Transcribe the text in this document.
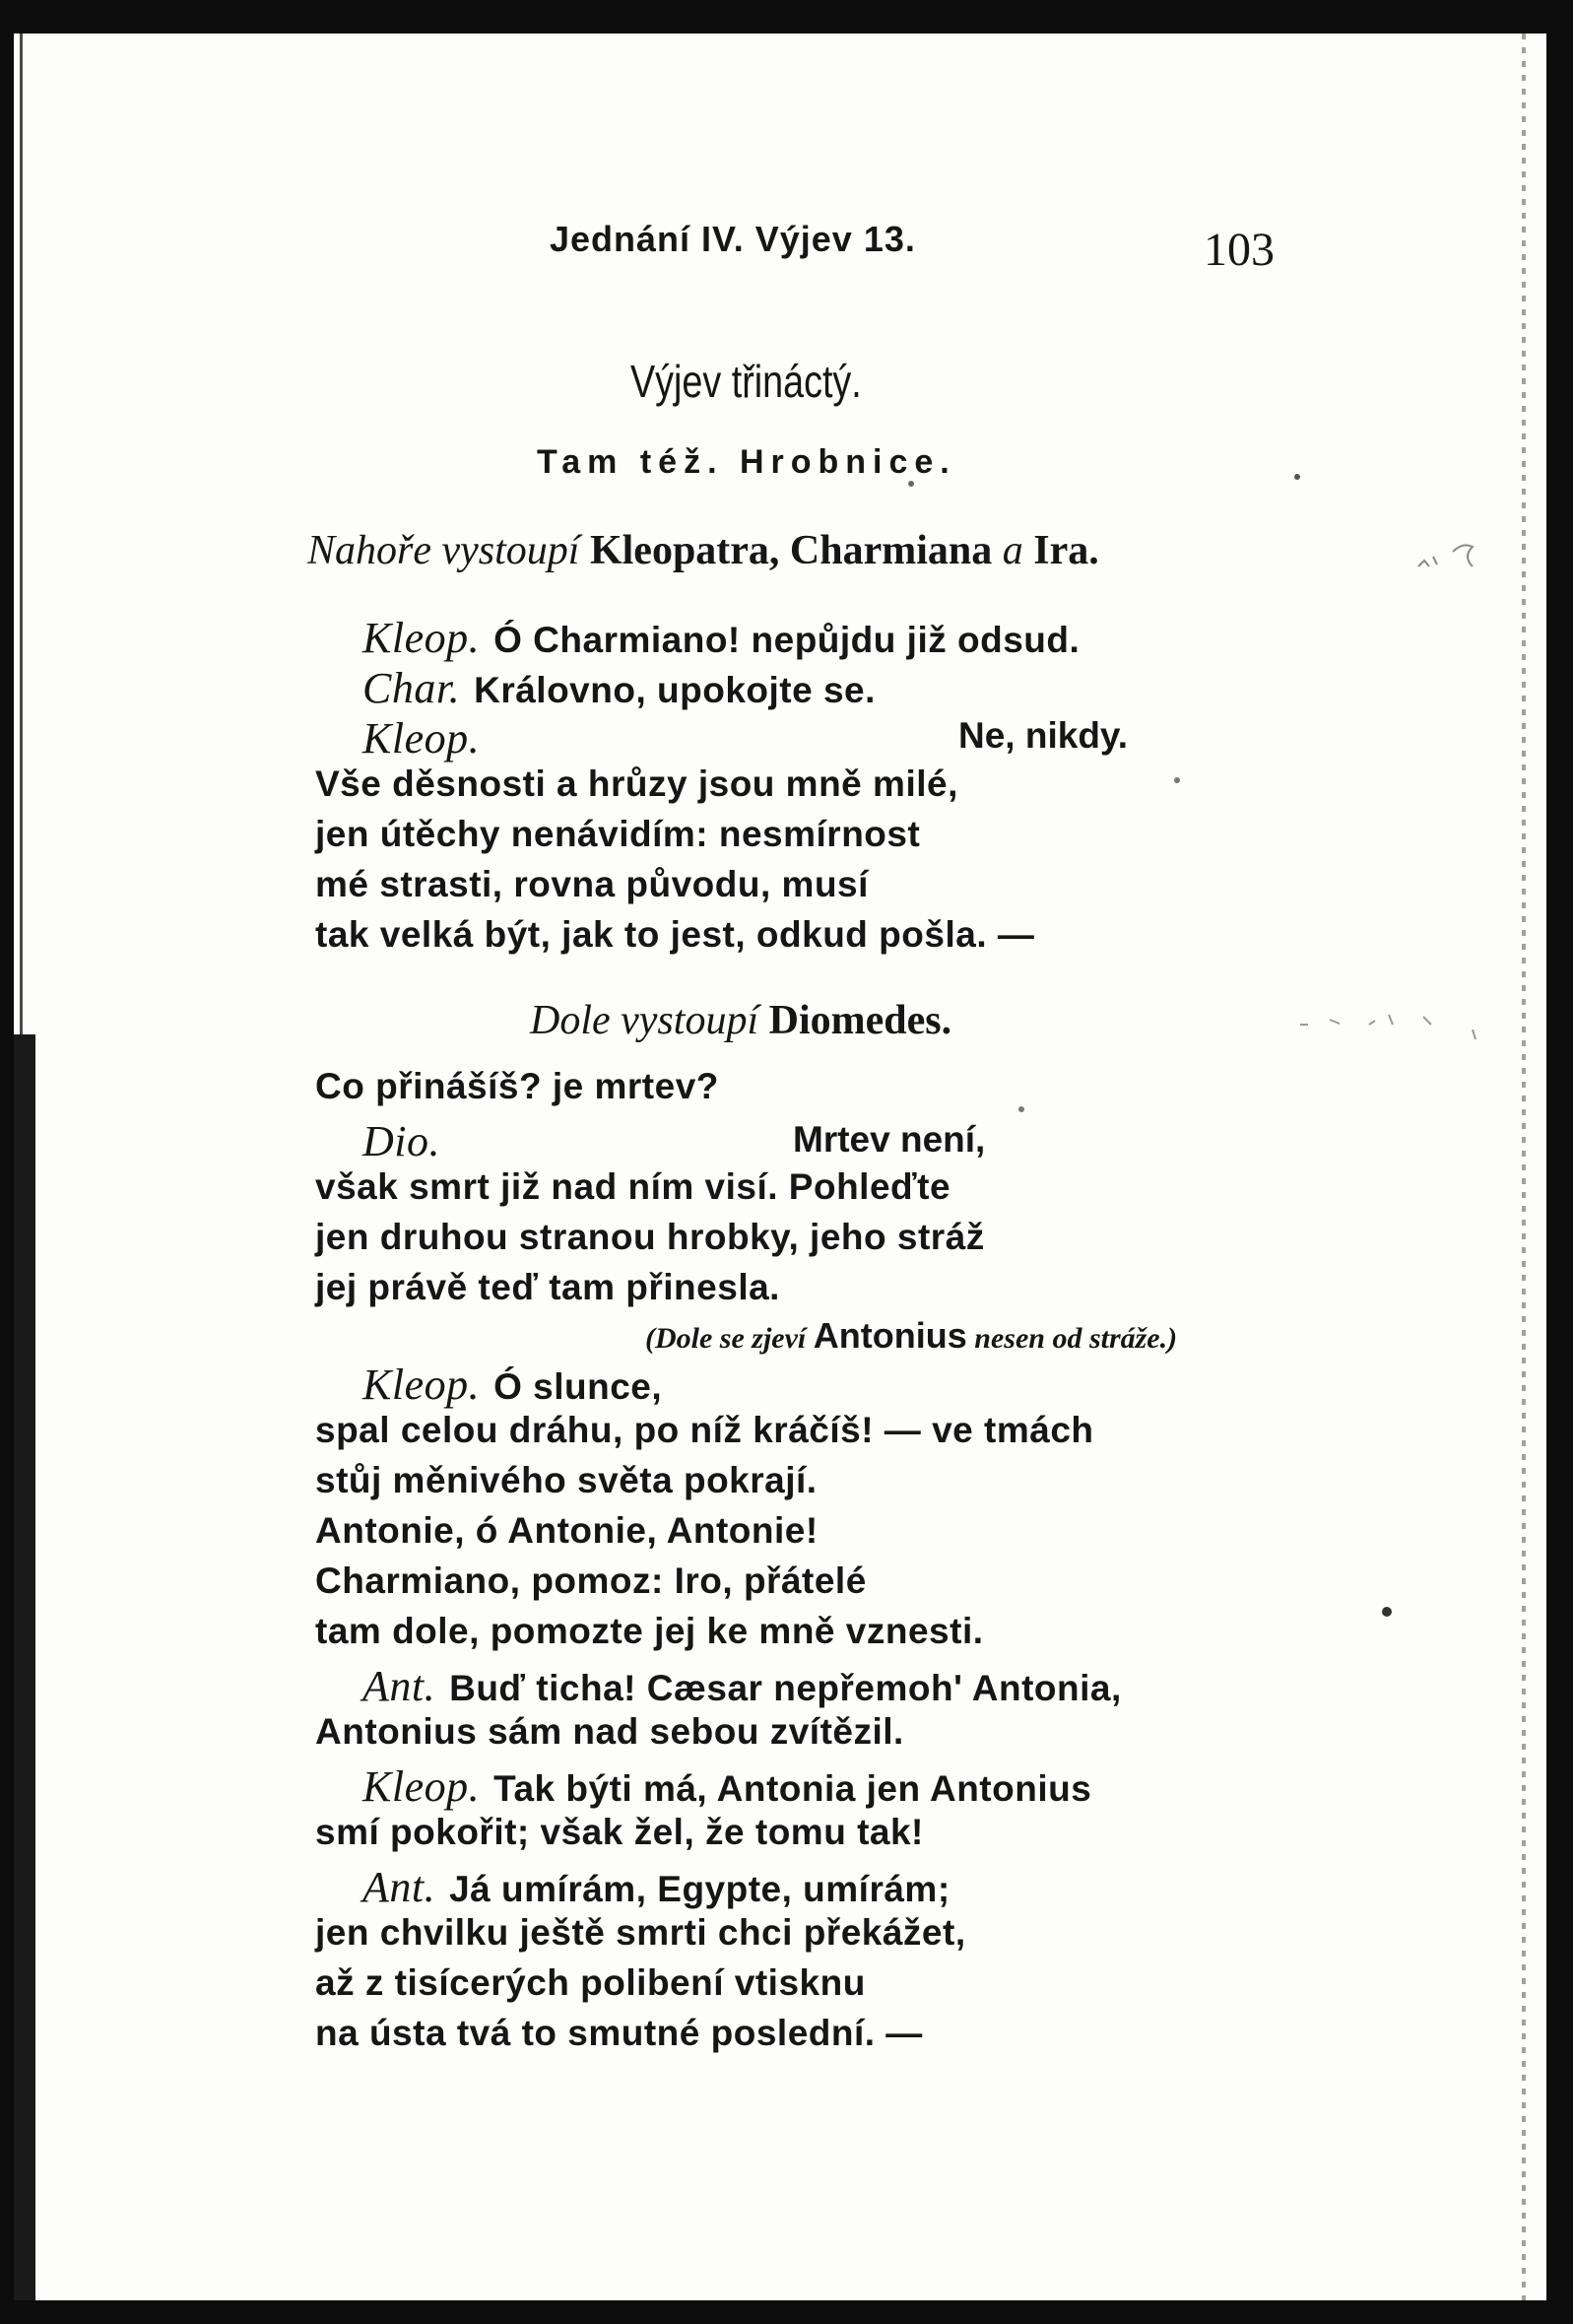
Jednání IV. Výjev 13.	103
Výjev třináctý.
Tam též. Hrobnice.
Nahoře vystoupí Kleopatra, Charmiana a Ira.
Kleop. Ó Charmiano! nepůjdu již odsud.
Char. Královno, upokojte se.
Kleop.	Ne, nikdy.
Vše děsnosti a hrůzy jsou mně milé,
jen útěchy nenávidím: nesmírnost
mé strasti, rovna původu, musí
tak velká být, jak to jest, odkud pošla. —
Dole vystoupí Diomedes.
Co přinášíš? je mrtev?
Dio.	Mrtev není,
však smrt již nad ním visí. Pohleďte
jen druhou stranou hrobky, jeho stráž
jej právě teď tam přinesla.
(Dole se zjeví Antonius nesen od stráže.)
Kleop. Ó slunce,
spal celou dráhu, po níž kráčíš! — ve tmách
stůj měnivého světa pokrají.
Antonie, ó Antonie, Antonie!
Charmiano, pomoz: Iro, přátelé
tam dole, pomozte jej ke mně vznesti.
Ant. Buď ticha! Cæsar nepřemoh' Antonia,
Antonius sám nad sebou zvítězil.
Kleop. Tak býti má, Antonia jen Antonius
smí pokořit; však žel, že tomu tak!
Ant. Já umírám, Egypte, umírám;
jen chvilku ještě smrti chci překážet,
až z tisícerých polibení vtisknu
na ústa tvá to smutné poslední. —
